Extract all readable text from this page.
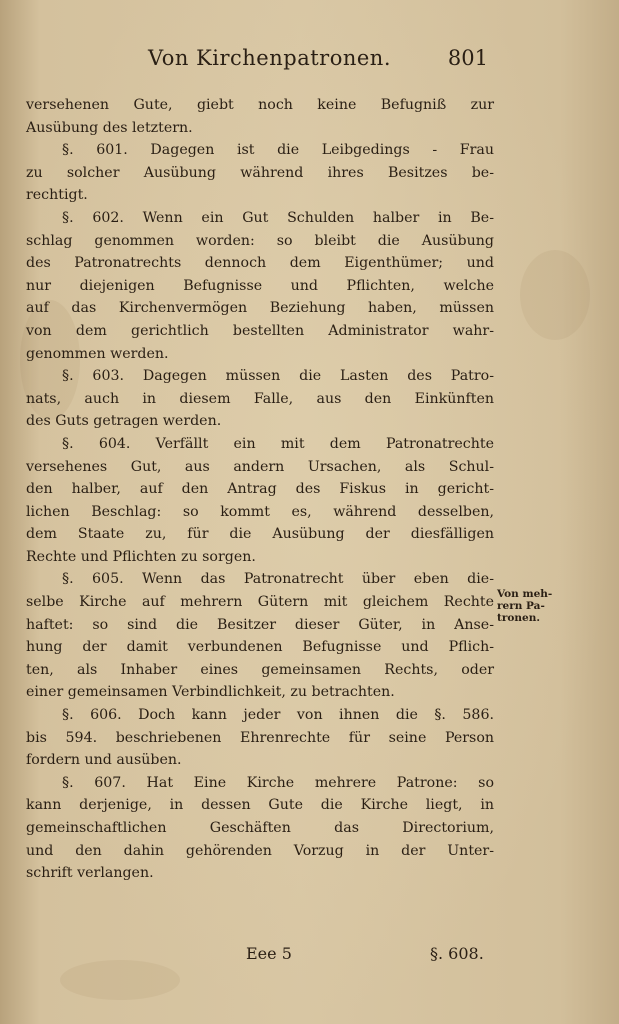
Von Kirchenpatronen.	801
versehenen Gute, giebt noch keine Befugniß zur
Ausübung des letztern.
§. 601. Dagegen ist die Leibgedings - Frau
zu solcher Ausübung während ihres Besitzes be-
rechtigt.
§. 602. Wenn ein Gut Schulden halber in Be-
schlag genommen worden: so bleibt die Ausübung
des Patronatrechts dennoch dem Eigenthümer; und
nur diejenigen Befugnisse und Pflichten, welche
auf das Kirchenvermögen Beziehung haben, müssen
von dem gerichtlich bestellten Administrator wahr-
genommen werden.
§. 603. Dagegen müssen die Lasten des Patro-
nats, auch in diesem Falle, aus den Einkünften
des Guts getragen werden.
§. 604. Verfällt ein mit dem Patronatrechte
versehenes Gut, aus andern Ursachen, als Schul-
den halber, auf den Antrag des Fiskus in gericht-
lichen Beschlag: so kommt es, während desselben,
dem Staate zu, für die Ausübung der diesfälligen
Rechte und Pflichten zu sorgen.
§. 605. Wenn das Patronatrecht über eben die-
selbe Kirche auf mehrern Gütern mit gleichem Rechte
haftet: so sind die Besitzer dieser Güter, in Anse-
hung der damit verbundenen Befugnisse und Pflich-
ten, als Inhaber eines gemeinsamen Rechts, oder
einer gemeinsamen Verbindlichkeit, zu betrachten.
§. 606. Doch kann jeder von ihnen die §. 586.
bis 594. beschriebenen Ehrenrechte für seine Person
fordern und ausüben.
§. 607. Hat Eine Kirche mehrere Patrone: so
kann derjenige, in dessen Gute die Kirche liegt, in
gemeinschaftlichen Geschäften das Directorium,
und den dahin gehörenden Vorzug in der Unter-
schrift verlangen.
Von meh- rern Pa- tronen.
Eee 5	§. 608.
